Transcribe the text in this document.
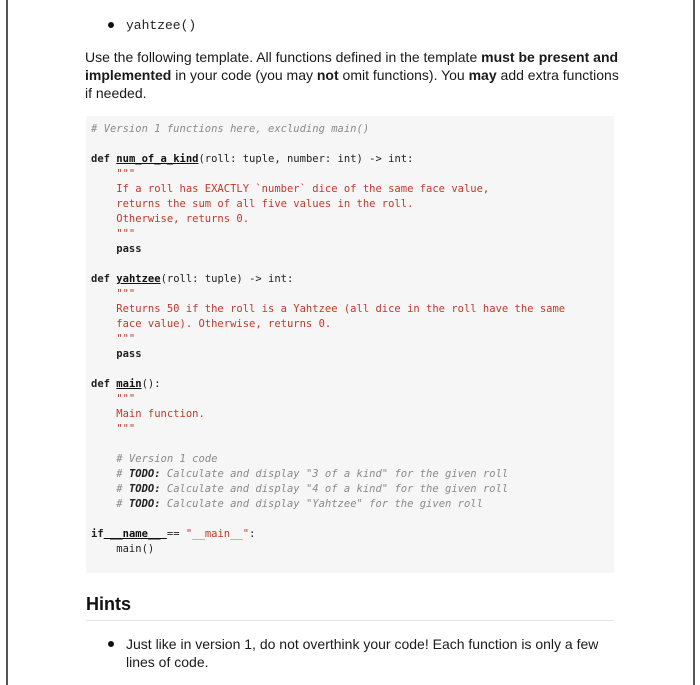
yahtzee()
Use the following template. All functions defined in the template must be present and implemented in your code (you may not omit functions). You may add extra functions if needed.
# Version 1 functions here, excluding main()

def num_of_a_kind(roll: tuple, number: int) -> int:
"""
If a roll has EXACTLY `number` dice of the same face value,
returns the sum of all five values in the roll.
Otherwise, returns 0.
"""
pass

def yahtzee(roll: tuple) -> int:
"""
Returns 50 if the roll is a Yahtzee (all dice in the roll have the same
face value). Otherwise, returns 0.
"""
pass

def main():
"""
Main function.
"""

# Version 1 code
# TODO: Calculate and display "3 of a kind" for the given roll
# TODO: Calculate and display "4 of a kind" for the given roll
# TODO: Calculate and display "Yahtzee" for the given roll

if __name__ == "__main__":
main()
Hints
Just like in version 1, do not overthink your code! Each function is only a few lines of code.
